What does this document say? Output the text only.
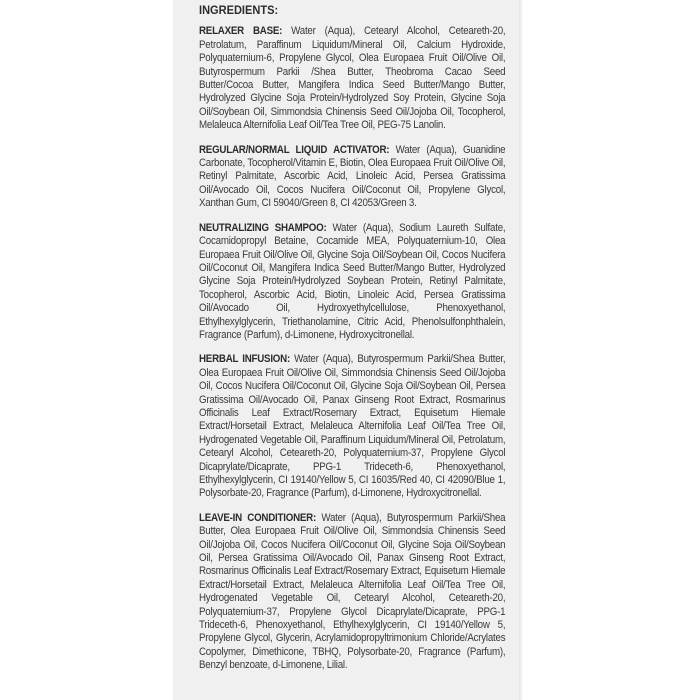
INGREDIENTS:
RELAXER BASE: Water (Aqua), Cetearyl Alcohol, Ceteareth-20, Petrolatum, Paraffinum Liquidum/Mineral Oil, Calcium Hydroxide, Polyquaternium-6, Propylene Glycol, Olea Europaea Fruit Oil/Olive Oil, Butyrospermum Parkii /Shea Butter, Theobroma Cacao Seed Butter/Cocoa Butter, Mangifera Indica Seed Butter/Mango Butter, Hydrolyzed Glycine Soja Protein/Hydrolyzed Soy Protein, Glycine Soja Oil/Soybean Oil, Simmondsia Chinensis Seed Oil/Jojoba Oil, Tocopherol, Melaleuca Alternifolia Leaf Oil/Tea Tree Oil, PEG-75 Lanolin.
REGULAR/NORMAL LIQUID ACTIVATOR: Water (Aqua), Guanidine Carbonate, Tocopherol/Vitamin E, Biotin, Olea Europaea Fruit Oil/Olive Oil, Retinyl Palmitate, Ascorbic Acid, Linoleic Acid, Persea Gratissima Oil/Avocado Oil, Cocos Nucifera Oil/Coconut Oil, Propylene Glycol, Xanthan Gum, CI 59040/Green 8, CI 42053/Green 3.
NEUTRALIZING SHAMPOO: Water (Aqua), Sodium Laureth Sulfate, Cocamidopropyl Betaine, Cocamide MEA, Polyquaternium-10, Olea Europaea Fruit Oil/Olive Oil, Glycine Soja Oil/Soybean Oil, Cocos Nucifera Oil/Coconut Oil, Mangifera Indica Seed Butter/Mango Butter, Hydrolyzed Glycine Soja Protein/Hydrolyzed Soybean Protein, Retinyl Palmitate, Tocopherol, Ascorbic Acid, Biotin, Linoleic Acid, Persea Gratissima Oil/Avocado Oil, Hydroxyethylcellulose, Phenoxyethanol, Ethylhexylglycerin, Triethanolamine, Citric Acid, Phenolsulfonphthalein, Fragrance (Parfum), d-Limonene, Hydroxycitronellal.
HERBAL INFUSION: Water (Aqua), Butyrospermum Parkii/Shea Butter, Olea Europaea Fruit Oil/Olive Oil, Simmondsia Chinensis Seed Oil/Jojoba Oil, Cocos Nucifera Oil/Coconut Oil, Glycine Soja Oil/Soybean Oil, Persea Gratissima Oil/Avocado Oil, Panax Ginseng Root Extract, Rosmarinus Officinalis Leaf Extract/Rosemary Extract, Equisetum Hiemale Extract/Horsetail Extract, Melaleuca Alternifolia Leaf Oil/Tea Tree Oil, Hydrogenated Vegetable Oil, Paraffinum Liquidum/Mineral Oil, Petrolatum, Cetearyl Alcohol, Ceteareth-20, Polyquaternium-37, Propylene Glycol Dicaprylate/Dicaprate, PPG-1 Trideceth-6, Phenoxyethanol, Ethylhexylglycerin, CI 19140/Yellow 5, CI 16035/Red 40, CI 42090/Blue 1, Polysorbate-20, Fragrance (Parfum), d-Limonene, Hydroxycitronellal.
LEAVE-IN CONDITIONER: Water (Aqua), Butyrospermum Parkii/Shea Butter, Olea Europaea Fruit Oil/Olive Oil, Simmondsia Chinensis Seed Oil/Jojoba Oil, Cocos Nucifera Oil/Coconut Oil, Glycine Soja Oil/Soybean Oil, Persea Gratissima Oil/Avocado Oil, Panax Ginseng Root Extract, Rosmarinus Officinalis Leaf Extract/Rosemary Extract, Equisetum Hiemale Extract/Horsetail Extract, Melaleuca Alternifolia Leaf Oil/Tea Tree Oil, Hydrogenated Vegetable Oil, Cetearyl Alcohol, Ceteareth-20, Polyquaternium-37, Propylene Glycol Dicaprylate/Dicaprate, PPG-1 Trideceth-6, Phenoxyethanol, Ethylhexylglycerin, CI 19140/Yellow 5, Propylene Glycol, Glycerin, Acrylamidopropyltrimonium Chloride/Acrylates Copolymer, Dimethicone, TBHQ, Polysorbate-20, Fragrance (Parfum), Benzyl benzoate, d-Limonene, Lilial.
